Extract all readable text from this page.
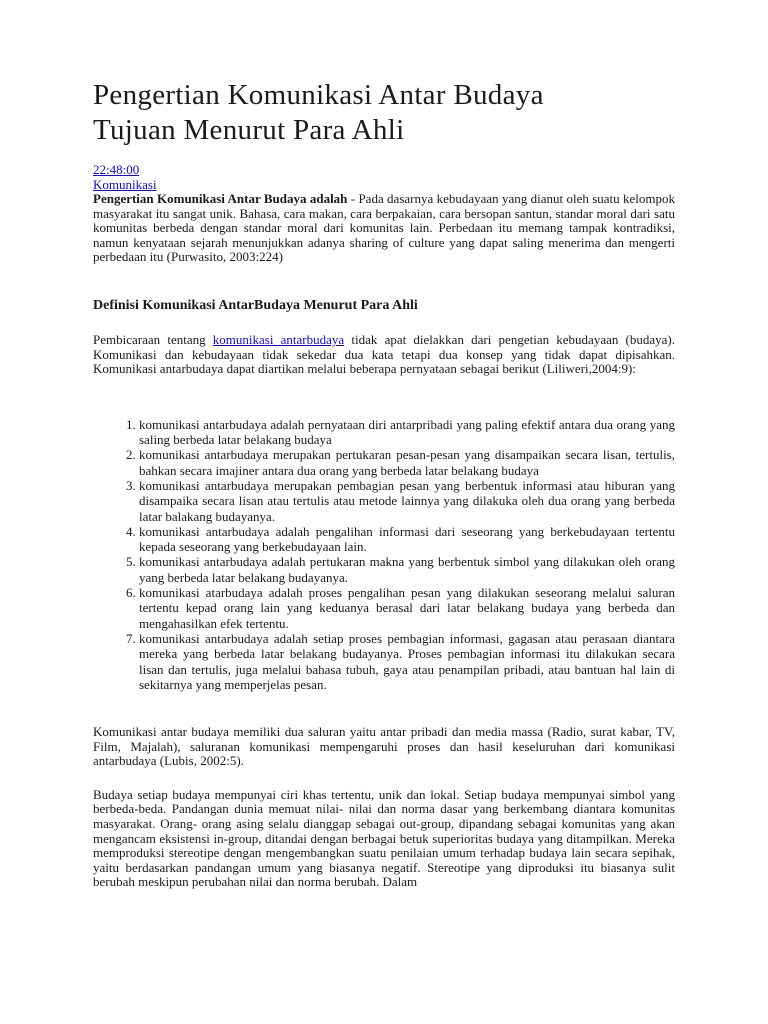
Pengertian Komunikasi Antar Budaya
Tujuan Menurut Para Ahli
22:48:00
Komunikasi

Pengertian Komunikasi Antar Budaya adalah - Pada dasarnya kebudayaan yang dianut oleh suatu kelompok masyarakat itu sangat unik. Bahasa, cara makan, cara berpakaian, cara bersopan santun, standar moral dari satu komunitas berbeda dengan standar moral dari komunitas lain. Perbedaan itu memang tampak kontradiksi, namun kenyataan sejarah menunjukkan adanya sharing of culture yang dapat saling menerima dan mengerti perbedaan itu (Purwasito, 2003:224)

Definisi Komunikasi AntarBudaya Menurut Para Ahli

Pembicaraan tentang komunikasi antarbudaya tidak apat dielakkan dari pengetian kebudayaan (budaya). Komunikasi dan kebudayaan tidak sekedar dua kata tetapi dua konsep yang tidak dapat dipisahkan. Komunikasi antarbudaya dapat diartikan melalui beberapa pernyataan sebagai berikut (Liliweri,2004:9):

1. komunikasi antarbudaya adalah pernyataan diri antarpribadi yang paling efektif antara dua orang yang saling berbeda latar belakang budaya
2. komunikasi antarbudaya merupakan pertukaran pesan-pesan yang disampaikan secara lisan, tertulis, bahkan secara imajiner antara dua orang yang berbeda latar belakang budaya
3. komunikasi antarbudaya merupakan pembagian pesan yang berbentuk informasi atau hiburan yang disampaika secara lisan atau tertulis atau metode lainnya yang dilakuka oleh dua orang yang berbeda latar balakang budayanya.
4. komunikasi antarbudaya adalah pengalihan informasi dari seseorang yang berkebudayaan tertentu kepada seseorang yang berkebudayaan lain.
5. komunikasi antarbudaya adalah pertukaran makna yang berbentuk simbol yang dilakukan oleh orang yang berbeda latar belakang budayanya.
6. komunikasi atarbudaya adalah proses pengalihan pesan yang dilakukan seseorang melalui saluran tertentu kepad orang lain yang keduanya berasal dari latar belakang budaya yang berbeda dan mengahasilkan efek tertentu.
7. komunikasi antarbudaya adalah setiap proses pembagian informasi, gagasan atau perasaan diantara mereka yang berbeda latar belakang budayanya. Proses pembagian informasi itu dilakukan secara lisan dan tertulis, juga melalui bahasa tubuh, gaya atau penampilan pribadi, atau bantuan hal lain di sekitarnya yang memperjelas pesan.

Komunikasi antar budaya memiliki dua saluran yaitu antar pribadi dan media massa (Radio, surat kabar, TV, Film, Majalah), saluranan komunikasi mempengaruhi proses dan hasil keseluruhan dari komunikasi antarbudaya (Lubis, 2002:5).

Budaya setiap budaya mempunyai ciri khas tertentu, unik dan lokal. Setiap budaya mempunyai simbol yang berbeda-beda. Pandangan dunia memuat nilai- nilai dan norma dasar yang berkembang diantara komunitas masyarakat. Orang- orang asing selalu dianggap sebagai out-group, dipandang sebagai komunitas yang akan mengancam eksistensi in-group, ditandai dengan berbagai betuk superioritas budaya yang ditampilkan. Mereka memproduksi stereotipe dengan mengembangkan suatu penilaian umum terhadap budaya lain secara sepihak, yaitu berdasarkan pandangan umum yang biasanya negatif. Stereotipe yang diproduksi itu biasanya sulit berubah meskipun perubahan nilai dan norma berubah. Dalam
